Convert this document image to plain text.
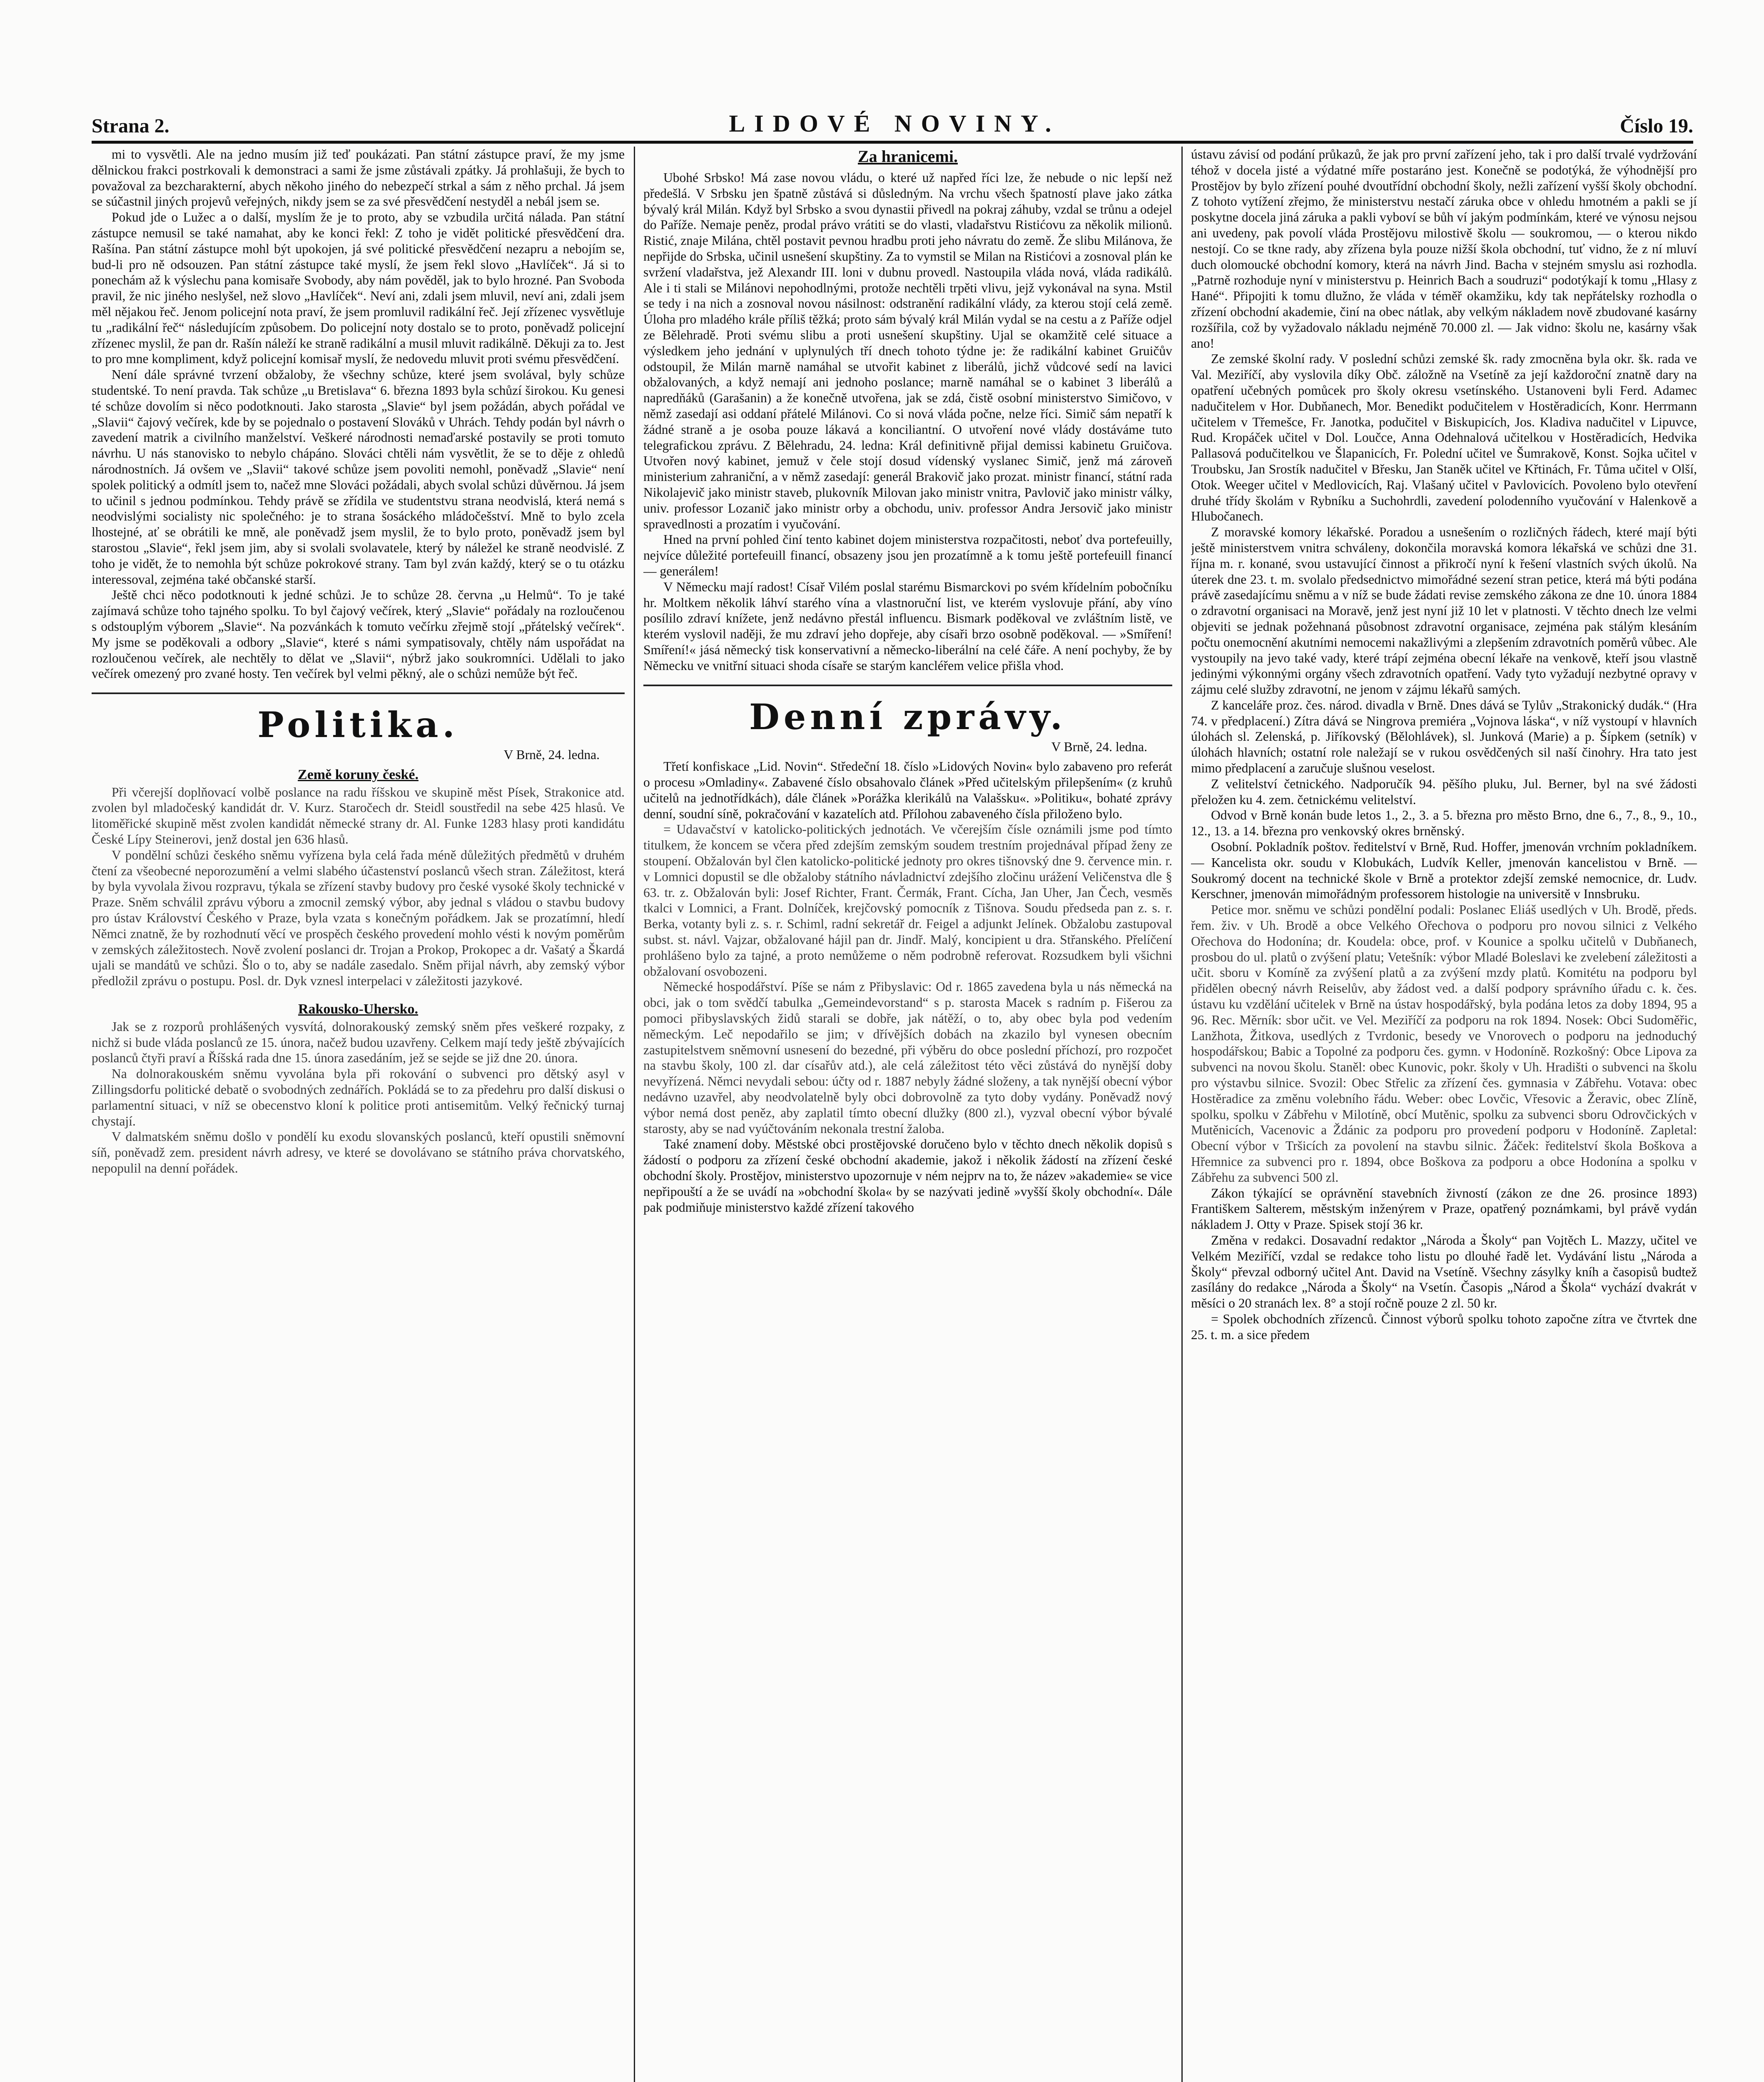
Strana 2.	LIDOVÉ NOVINY.	Číslo 19.

mi to vysvětli. Ale na jedno musím již teď poukázati. Pan státní zástupce praví, že my jsme dělnickou frakci postrkovali k demonstraci a sami že jsme zůstávali zpátky. Já prohlašuji, že bych to považoval za bezcharakterní, abych někoho jiného do nebezpečí strkal a sám z něho prchal. Já jsem se súčastnil jiných projevů veřejných, nikdy jsem se za své přesvědčení nestyděl a nebál jsem se.

Pokud jde o Lužec a o další, myslím že je to proto, aby se vzbudila určitá nálada. Pan státní zástupce nemusil se také namahat, aby ke konci řekl: Z toho je vidět politické přesvědčení dra. Rašína. Pan státní zástupce mohl být upokojen, já své politické přesvědčení nezapru a nebojím se, bud-li pro ně odsouzen. Pan státní zástupce také myslí, že jsem řekl slovo „Havlíček“. Já si to ponechám až k výslechu pana komisaře Svobody, aby nám pověděl, jak to bylo hrozné. Pan Svoboda pravil, že nic jiného neslyšel, než slovo „Havlíček“. Neví ani, zdali jsem mluvil, neví ani, zdali jsem měl nějakou řeč. Jenom policejní nota praví, že jsem promluvil radikální řeč. Její zřízenec vysvětluje tu „radikální řeč“ následujícím způsobem. Do policejní noty dostalo se to proto, poněvadž policejní zřízenec myslil, že pan dr. Rašín náleží ke straně radikální a musil mluvit radikálně. Děkuji za to. Jest to pro mne kompliment, když policejní komisař myslí, že nedovedu mluvit proti svému přesvědčení.

Není dále správné tvrzení obžaloby, že všechny schůze, které jsem svolával, byly schůze studentské. To není pravda. Tak schůze „u Bretislava“ 6. března 1893 byla schůzí širokou. Ku genesi té schůze dovolím si něco podotknouti. Jako starosta „Slavie“ byl jsem požádán, abych pořádal ve „Slavii“ čajový večírek, kde by se pojednalo o postavení Slováků v Uhrách. Tehdy podán byl návrh o zavedení matrik a civilního manželství. Veškeré národnosti nemaďarské postavily se proti tomuto návrhu. U nás stanovisko to nebylo chápáno. Slováci chtěli nám vysvětlit, že se to děje z ohledů národnostních. Já ovšem ve „Slavii“ takové schůze jsem povoliti nemohl, poněvadž „Slavie“ není spolek politický a odmítl jsem to, načež mne Slováci požádali, abych svolal schůzi důvěrnou. Já jsem to učinil s jednou podmínkou. Tehdy právě se zřídila ve studentstvu strana neodvislá, která nemá s neodvislými socialisty nic společného: je to strana šosáckého mládočešství. Mně to bylo zcela lhostejné, ať se obrátili ke mně, ale poněvadž jsem myslil, že to bylo proto, poněvadž jsem byl starostou „Slavie“, řekl jsem jim, aby si svolali svolavatele, který by náležel ke straně neodvislé. Z toho je vidět, že to nemohla být schůze pokrokové strany. Tam byl zván každý, který se o tu otázku interessoval, zejména také občanské starší.

Ještě chci něco podotknouti k jedné schůzi. Je to schůze 28. června „u Helmů“. To je také zajímavá schůze toho tajného spolku. To byl čajový večírek, který „Slavie“ pořádaly na rozloučenou s odstouplým výborem „Slavie“. Na pozvánkách k tomuto večírku zřejmě stojí „přátelský večírek“. My jsme se poděkovali a odbory „Slavie“, které s námi sympatisovaly, chtěly nám uspořádat na rozloučenou večírek, ale nechtěly to dělat ve „Slavii“, nýbrž jako soukromníci. Udělali to jako večírek omezený pro zvané hosty. Ten večírek byl velmi pěkný, ale o schůzi nemůže být řeč.

Politika.
V Brně, 24. ledna.
Země koruny české.

Při včerejší doplňovací volbě poslance na radu říšskou ve skupině měst Písek, Strakonice atd. zvolen byl mladočeský kandidát dr. V. Kurz. Staročech dr. Steidl soustředil na sebe 425 hlasů. Ve litoměřické skupině měst zvolen kandidát německé strany dr. Al. Funke 1283 hlasy proti kandidátu České Lípy Steinerovi, jenž dostal jen 636 hlasů.

V pondělní schůzi českého sněmu vyřízena byla celá řada méně důležitých předmětů v druhém čtení za všeobecné neporozumění a velmi slabého účastenství poslanců všech stran. Záležitost, která by byla vyvolala živou rozpravu, týkala se zřízení stavby budovy pro české vysoké školy technické v Praze. Sněm schválil zprávu výboru a zmocnil zemský výbor, aby jednal s vládou o stavbu budovy pro ústav Království Českého v Praze, byla vzata s konečným pořádkem. Jak se prozatímní, hledí Němci znatně, že by rozhodnutí věcí ve prospěch českého provedení mohlo vésti k novým poměrům v zemských záležitostech. Nově zvolení poslanci dr. Trojan a Prokop, Prokopec a dr. Vašatý a Škardá ujali se mandátů ve schůzi. Šlo o to, aby se nadále zasedalo. Sněm přijal návrh, aby zemský výbor předložil zprávu o postupu. Posl. dr. Dyk vznesl interpelaci v záležitosti jazykové.

Rakousko-Uhersko.

Jak se z rozporů prohlášených vysvítá, dolnorakouský zemský sněm přes veškeré rozpaky, z nichž si bude vláda poslanců ze 15. února, načež budou uzavřeny. Celkem mají tedy ještě zbývajících poslanců čtyři praví a Říšská rada dne 15. února zasedáním, jež se sejde se již dne 20. února.

Na dolnorakouském sněmu vyvolána byla při rokování o subvenci pro dětský asyl v Zillingsdorfu politické debatě o svobodných zednářích. Pokládá se to za předehru pro další diskusi o parlamentní situaci, v níž se obecenstvo kloní k politice proti antisemitům. Velký řečnický turnaj chystají.

V dalmatském sněmu došlo v pondělí ku exodu slovanských poslanců, kteří opustili sněmovní síň, poněvadž zem. president návrh adresy, ve které se dovolávano se státního práva chorvatského, nepopulil na denní pořádek.

Za hranicemi.

Ubohé Srbsko! Má zase novou vládu, o které už napřed říci lze, že nebude o nic lepší než předešlá. V Srbsku jen špatně zůstává si důsledným. Na vrchu všech špatností plave jako zátka bývalý král Milán. Když byl Srbsko a svou dynastii přivedl na pokraj záhuby, vzdal se trůnu a odejel do Paříže. Nemaje peněz, prodal právo vrátiti se do vlasti, vladařstvu Ristićovu za několik milionů. Ristić, znaje Milána, chtěl postavit pevnou hradbu proti jeho návratu do země. Že slibu Milánova, že nepřijde do Srbska, učinil usnešení skupštiny. Za to vymstil se Milan na Ristićovi a zosnoval plán ke svržení vladařstva, jež Alexandr III. loni v dubnu provedl. Nastoupila vláda nová, vláda radikálů. Ale i ti stali se Milánovi nepohodlnými, protože nechtěli trpěti vlivu, jejž vykonával na syna. Mstil se tedy i na nich a zosnoval novou násilnost: odstranění radikální vlády, za kterou stojí celá země. Úloha pro mladého krále příliš těžká; proto sám bývalý král Milán vydal se na cestu a z Paříže odjel ze Bělehradě. Proti svému slibu a proti usnešení skupštiny. Ujal se okamžitě celé situace a výsledkem jeho jednání v uplynulých tří dnech tohoto týdne je: že radikální kabinet Gruičův odstoupil, že Milán marně namáhal se utvořit kabinet z liberálů, jichž vůdcové sedí na lavici obžalovaných, a když nemají ani jednoho poslance; marně namáhal se o kabinet 3 liberálů a napredňáků (Garašanin) a že konečně utvořena, jak se zdá, čistě osobní ministerstvo Simičovo, v němž zasedají asi oddaní přátelé Milánovi. Co si nová vláda počne, nelze říci. Simič sám nepatří k žádné straně a je osoba pouze lákavá a konciliantní. O utvoření nové vlády dostáváme tuto telegrafickou zprávu. Z Bělehradu, 24. ledna: Král definitivně přijal demissi kabinetu Gruičova. Utvořen nový kabinet, jemuž v čele stojí dosud vídenský vyslanec Simič, jenž má zároveň ministerium zahraniční, a v němž zasedají: generál Brakovič jako prozat. ministr financí, státní rada Nikolajevič jako ministr staveb, plukovník Milovan jako ministr vnitra, Pavlovič jako ministr války, univ. professor Lozanič jako ministr orby a obchodu, univ. professor Andra Jersovič jako ministr spravedlnosti a prozatím i vyučování.

Hned na první pohled činí tento kabinet dojem ministerstva rozpačitosti, neboť dva portefeuilly, nejvíce důležité portefeuill financí, obsazeny jsou jen prozatímně a k tomu ještě portefeuill financí — generálem!

V Německu mají radost! Císař Vilém poslal starému Bismarckovi po svém křídelním pobočníku hr. Moltkem několik láhví starého vína a vlastnoruční list, ve kterém vyslovuje přání, aby víno posílilo zdraví knížete, jenž nedávno přestál influencu. Bismark poděkoval ve zvláštním listě, ve kterém vyslovil naději, že mu zdraví jeho dopřeje, aby císaři brzo osobně poděkoval. — »Smíření! Smíření!« jásá německý tisk konservativní a německo-liberální na celé čáře. A není pochyby, že by Německu ve vnitřní situaci shoda císaře se starým kancléřem velice přišla vhod.

Denní zprávy.
V Brně, 24. ledna.

Třetí konfiskace „Lid. Novin“. Středeční 18. číslo »Lidových Novin« bylo zabaveno pro referát o procesu »Omladiny«. Zabavené číslo obsahovalo článek »Před učitelským přilepšením« (z kruhů učitelů na jednotřídkách), dále článek »Porážka klerikálů na Valašsku«. »Politiku«, bohaté zprávy denní, soudní síně, pokračování v kazatelích atd. Přílohou zabaveného čísla přiloženo bylo.

= Udavačství v katolicko-politických jednotách. Ve včerejším čísle oznámili jsme pod tímto titulkem, že koncem se včera před zdejším zemským soudem trestním projednával případ ženy ze stoupení. Obžalován byl člen katolicko-politické jednoty pro okres tišnovský dne 9. července min. r. v Lomnici dopustil se dle obžaloby státního návladnictví zdejšího zločinu urážení Veličenstva dle § 63. tr. z. Obžalován byli: Josef Richter, Frant. Čermák, Frant. Cícha, Jan Uher, Jan Čech, vesměs tkalci v Lomnici, a Frant. Dolníček, krejčovský pomocník z Tišnova. Soudu předseda pan z. s. r. Berka, votanty byli z. s. r. Schiml, radní sekretář dr. Feigel a adjunkt Jelínek. Obžalobu zastupoval subst. st. návl. Vajzar, obžalované hájil pan dr. Jindř. Malý, koncipient u dra. Střanského. Přelíčení prohlášeno bylo za tajné, a proto nemůžeme o něm podrobně referovat. Rozsudkem byli všichni obžalovaní osvobozeni.

Německé hospodářství. Píše se nám z Přibyslavic: Od r. 1865 zavedena byla u nás německá na obci, jak o tom svědčí tabulka „Gemeindevorstand“ s p. starosta Macek s radním p. Fišerou za pomoci přibyslavských židů starali se dobře, jak nátěží, o to, aby obec byla pod vedením německým. Leč nepodařilo se jim; v dřívějších dobách na zkazilo byl vynesen obecním zastupitelstvem sněmovní usnesení do bezedné, při výběru do obce poslední příchozí, pro rozpočet na stavbu školy, 100 zl. dar císařův atd.), ale celá záležitost této věci zůstává do nynější doby nevyřízená. Němci nevydali sebou: účty od r. 1887 nebyly žádné složeny, a tak nynější obecní výbor nedávno uzavřel, aby neodvolatelně byly obci dobrovolně za tyto doby vydány. Poněvadž nový výbor nemá dost peněz, aby zaplatil tímto obecní dlužky (800 zl.), vyzval obecní výbor bývalé starosty, aby se nad vyúčtováním nekonala trestní žaloba.

Také znamení doby. Městské obci prostějovské doručeno bylo v těchto dnech několik dopisů s žádostí o podporu za zřízení české obchodní akademie, jakož i několik žádostí na zřízení české obchodní školy. Prostějov, ministerstvo upozornuje v ném nejprv na to, že název »akademie« se vice nepřipouští a že se uvádí na »obchodní škola« by se nazývati jedině »vyšší školy obchodní«. Dále pak podmiňuje ministerstvo každé zřízení takového

ústavu závisí od podání průkazů, že jak pro první zařízení jeho, tak i pro další trvalé vydržování téhož v docela jisté a výdatné míře postaráno jest. Konečně se podotýká, že výhodnější pro Prostějov by bylo zřízení pouhé dvoutřídní obchodní školy, nežli zařízení vyšší školy obchodní. Z tohoto vytížení zřejmo, že ministerstvu nestačí záruka obce v ohledu hmotném a pakli se jí poskytne docela jiná záruka a pakli vyboví se bůh ví jakým podmínkám, které ve výnosu nejsou ani uvedeny, pak povolí vláda Prostějovu milostivě školu — soukromou, — o kterou nikdo nestojí. Co se tkne rady, aby zřízena byla pouze nižší škola obchodní, tuť vidno, že z ní mluví duch olomoucké obchodní komory, která na návrh Jind. Bacha v stejném smyslu asi rozhodla. „Patrně rozhoduje nyní v ministerstvu p. Heinrich Bach a soudruzi“ podotýkají k tomu „Hlasy z Hané“. Připojiti k tomu dlužno, že vláda v téměř okamžiku, kdy tak nepřátelsky rozhodla o zřízení obchodní akademie, činí na obec nátlak, aby velkým nákladem nově zbudované kasárny rozšířila, což by vyžadovalo nákladu nejméně 70.000 zl. — Jak vidno: školu ne, kasárny však ano!

Ze zemské školní rady. V poslední schůzi zemské šk. rady zmocněna byla okr. šk. rada ve Val. Meziříčí, aby vyslovila díky Obč. záložně na Vsetíně za její každoroční znatně dary na opatření učebných pomůcek pro školy okresu vsetínského. Ustanoveni byli Ferd. Adamec nadučitelem v Hor. Dubňanech, Mor. Benedikt podučitelem v Hostěradicích, Konr. Herrmann učitelem v Třemešce, Fr. Janotka, podučitel v Biskupicích, Jos. Kladiva nadučitel v Lipuvce, Rud. Kropáček učitel v Dol. Loučce, Anna Odehnalová učitelkou v Hostěradicích, Hedvika Pallasová podučitelkou ve Šlapanicích, Fr. Polední učitel ve Šumrakově, Konst. Sojka učitel v Troubsku, Jan Srostík nadučitel v Břesku, Jan Staněk učitel ve Křtinách, Fr. Tůma učitel v Olší, Otok. Weeger učitel v Medlovicích, Raj. Vlašaný učitel v Pavlovicích. Povoleno bylo otevření druhé třídy školám v Rybníku a Suchohrdli, zavedení polodenního vyučování v Halenkově a Hlubočanech.

Z moravské komory lékařské. Poradou a usnešením o rozličných řádech, které mají býti ještě ministerstvem vnitra schváleny, dokončila moravská komora lékařská ve schůzi dne 31. října m. r. konané, svou ustavující činnost a přikročí nyní k řešení vlastních svých úkolů. Na úterek dne 23. t. m. svolalo předsednictvo mimořádné sezení stran petice, která má býti podána právě zasedajícímu sněmu a v níž se bude žádati revise zemského zákona ze dne 10. února 1884 o zdravotní organisaci na Moravě, jenž jest nyní již 10 let v platnosti. V těchto dnech lze velmi objeviti se jednak požehnaná působnost zdravotní organisace, zejména pak stálým klesáním počtu onemocnění akutními nemocemi nakažlivými a zlepšením zdravotních poměrů vůbec. Ale vystoupily na jevo také vady, které trápí zejména obecní lékaře na venkově, kteří jsou vlastně jedinými výkonnými orgány všech zdravotních opatření. Vady tyto vyžadují nezbytné opravy v zájmu celé služby zdravotní, ne jenom v zájmu lékařů samých.

Z kanceláře proz. čes. národ. divadla v Brně. Dnes dává se Tylův „Strakonický dudák.“ (Hra 74. v předplacení.) Zítra dává se Ningrova premiéra „Vojnova láska“, v níž vystoupí v hlavních úlohách sl. Zelenská, p. Jiříkovský (Bělohlávek), sl. Junková (Marie) a p. Šípkem (setník) v úlohách hlavních; ostatní role naležají se v rukou osvědčených sil naší činohry. Hra tato jest mimo předplacení a zaručuje slušnou veselost.

Z velitelství četnického. Nadporučík 94. pěšího pluku, Jul. Berner, byl na své žádosti přeložen ku 4. zem. četnickému velitelství.

Odvod v Brně konán bude letos 1., 2., 3. a 5. března pro město Brno, dne 6., 7., 8., 9., 10., 12., 13. a 14. března pro venkovský okres brněnský.

Osobní. Pokladník poštov. ředitelství v Brně, Rud. Hoffer, jmenován vrchním pokladníkem. — Kancelista okr. soudu v Klobukách, Ludvík Keller, jmenován kancelistou v Brně. — Soukromý docent na technické škole v Brně a protektor zdejší zemské nemocnice, dr. Ludv. Kerschner, jmenován mimořádným professorem histologie na universitě v Innsbruku.

Petice mor. sněmu ve schůzi pondělní podali: Poslanec Eliáš usedlých v Uh. Brodě, předs. řem. živ. v Uh. Brodě a obce Velkého Ořechova o podporu pro novou silnici z Velkého Ořechova do Hodonína; dr. Koudela: obce, prof. v Kounice a spolku učitelů v Dubňanech, prosbou do ul. platů o zvýšení platu; Vetešník: výbor Mladé Boleslavi ke zvelebení záležitosti a učit. sboru v Komíně za zvýšení platů a za zvýšení mzdy platů. Komitétu na podporu byl přidělen obecný návrh Reiselův, aby žádost ved. a další podpory správního úřadu c. k. čes. ústavu ku vzdělání učitelek v Brně na ústav hospodářský, byla podána letos za doby 1894, 95 a 96. Rec. Měrník: sbor učit. ve Vel. Meziříčí za podporu na rok 1894. Nosek: Obci Sudoměřic, Lanžhota, Žitkova, usedlých z Tvrdonic, besedy ve Vnorovech o podporu na jednoduchý hospodářskou; Babic a Topolné za podporu čes. gymn. v Hodoníně. Rozkošný: Obce Lipova za subvenci na novou školu. Staněl: obec Kunovic, pokr. školy v Uh. Hradišti o subvenci na školu pro výstavbu silnice. Svozil: Obec Střelic za zřízení čes. gymnasia v Zábřehu. Votava: obec Hostěradice za změnu volebního řádu. Weber: obec Lovčic, Vřesovic a Žeravic, obec Zlíně, spolku, spolku v Zábřehu v Milotíně, obcí Mutěnic, spolku za subvenci sboru Odrovčických v Mutěnicích, Vacenovic a Ždánic za podporu pro provedení podporu v Hodoníně. Zapletal: Obecní výbor v Tršicích za povolení na stavbu silnic. Žáček: ředitelství škola Boškova a Hřemnice za subvenci pro r. 1894, obce Boškova za podporu a obce Hodonína a spolku v Zábřehu za subvenci 500 zl.

Zákon týkající se oprávnění stavebních živností (zákon ze dne 26. prosince 1893) Františkem Salterem, městským inženýrem v Praze, opatřený poznámkami, byl právě vydán nákladem J. Otty v Praze. Spisek stojí 36 kr.

Změna v redakci. Dosavadní redaktor „Národa a Školy“ pan Vojtěch L. Mazzy, učitel ve Velkém Meziříčí, vzdal se redakce toho listu po dlouhé řadě let. Vydávání listu „Národa a Školy“ převzal odborný učitel Ant. David na Vsetíně. Všechny zásylky kníh a časopisů budtež zasílány do redakce „Národa a Školy“ na Vsetín. Časopis „Národ a Škola“ vychází dvakrát v měsíci o 20 stranách lex. 8° a stojí ročně pouze 2 zl. 50 kr.

= Spolek obchodních zřízenců. Činnost výborů spolku tohoto započne zítra ve čtvrtek dne 25. t. m. a sice předem
